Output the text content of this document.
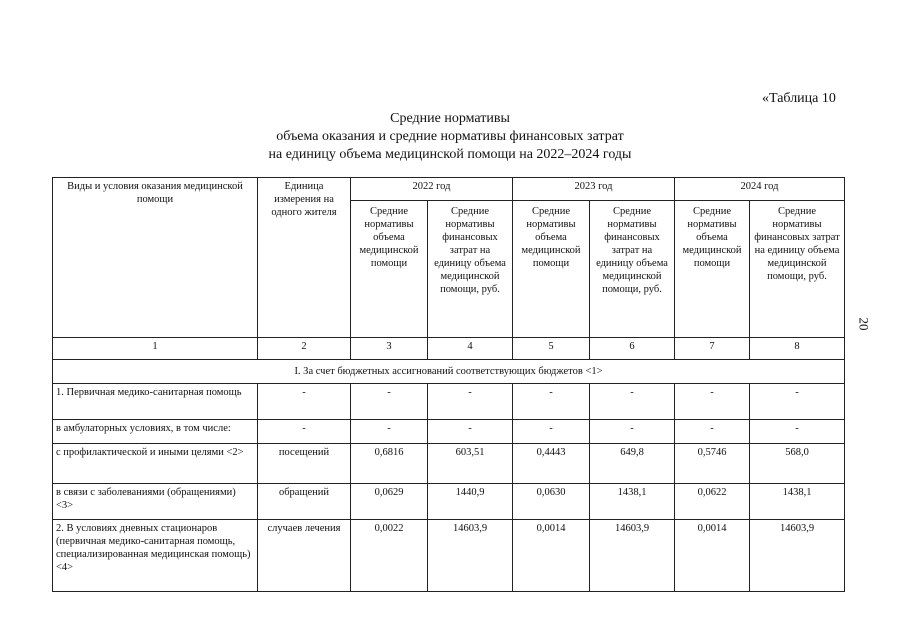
«Таблица 10
Средние нормативы
объема оказания и средние нормативы финансовых затрат
на единицу объема медицинской помощи на 2022–2024 годы
20
Виды и условия оказания медицинской помощи	Единица измерения на одного жителя	2022 год		2023 год		2024 год	
		Средние нормативы объема медицинской помощи	Средние нормативы финансовых затрат на единицу объема медицинской помощи, руб.	Средние нормативы объема медицинской помощи	Средние нормативы финансовых затрат на единицу объема медицинской помощи, руб.	Средние нормативы объема медицинской помощи	Средние нормативы финансовых затрат на единицу объема медицинской помощи, руб.
1	2	3	4	5	6	7	8
I. За счет бюджетных ассигнований соответствующих бюджетов <1>							
1. Первичная медико-санитарная помощь	-	-	-	-	-	-	-
в амбулаторных условиях, в том числе:	-	-	-	-	-	-	-
с профилактической и иными целями <2>	посещений	0,6816	603,51	0,4443	649,8	0,5746	568,0
в связи с заболеваниями (обращениями) <3>	обращений	0,0629	1440,9	0,0630	1438,1	0,0622	1438,1
2. В условиях дневных стационаров (первичная медико-санитарная помощь, специализированная медицинская помощь) <4>	случаев лечения	0,0022	14603,9	0,0014	14603,9	0,0014	14603,9
